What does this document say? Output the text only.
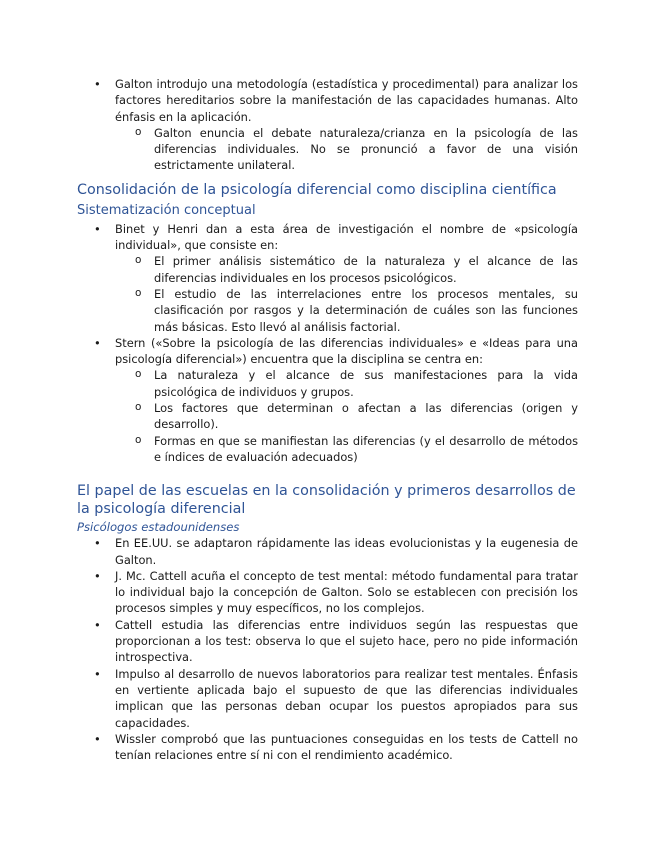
• Galton introdujo una metodología (estadística y procedimental) para analizar los factores hereditarios sobre la manifestación de las capacidades humanas. Alto énfasis en la aplicación.
o Galton enuncia el debate naturaleza/crianza en la psicología de las diferencias individuales. No se pronunció a favor de una visión estrictamente unilateral.
Consolidación de la psicología diferencial como disciplina científica
Sistematización conceptual
• Binet y Henri dan a esta área de investigación el nombre de «psicología individual», que consiste en:
o El primer análisis sistemático de la naturaleza y el alcance de las diferencias individuales en los procesos psicológicos.
o El estudio de las interrelaciones entre los procesos mentales, su clasificación por rasgos y la determinación de cuáles son las funciones más básicas. Esto llevó al análisis factorial.
• Stern («Sobre la psicología de las diferencias individuales» e «Ideas para una psicología diferencial») encuentra que la disciplina se centra en:
o La naturaleza y el alcance de sus manifestaciones para la vida psicológica de individuos y grupos.
o Los factores que determinan o afectan a las diferencias (origen y desarrollo).
o Formas en que se manifiestan las diferencias (y el desarrollo de métodos e índices de evaluación adecuados)
El papel de las escuelas en la consolidación y primeros desarrollos de la psicología diferencial
Psicólogos estadounidenses
• En EE.UU. se adaptaron rápidamente las ideas evolucionistas y la eugenesia de Galton.
• J. Mc. Cattell acuña el concepto de test mental: método fundamental para tratar lo individual bajo la concepción de Galton. Solo se establecen con precisión los procesos simples y muy específicos, no los complejos.
• Cattell estudia las diferencias entre individuos según las respuestas que proporcionan a los test: observa lo que el sujeto hace, pero no pide información introspectiva.
• Impulso al desarrollo de nuevos laboratorios para realizar test mentales. Énfasis en vertiente aplicada bajo el supuesto de que las diferencias individuales implican que las personas deban ocupar los puestos apropiados para sus capacidades.
• Wissler comprobó que las puntuaciones conseguidas en los tests de Cattell no tenían relaciones entre sí ni con el rendimiento académico.
